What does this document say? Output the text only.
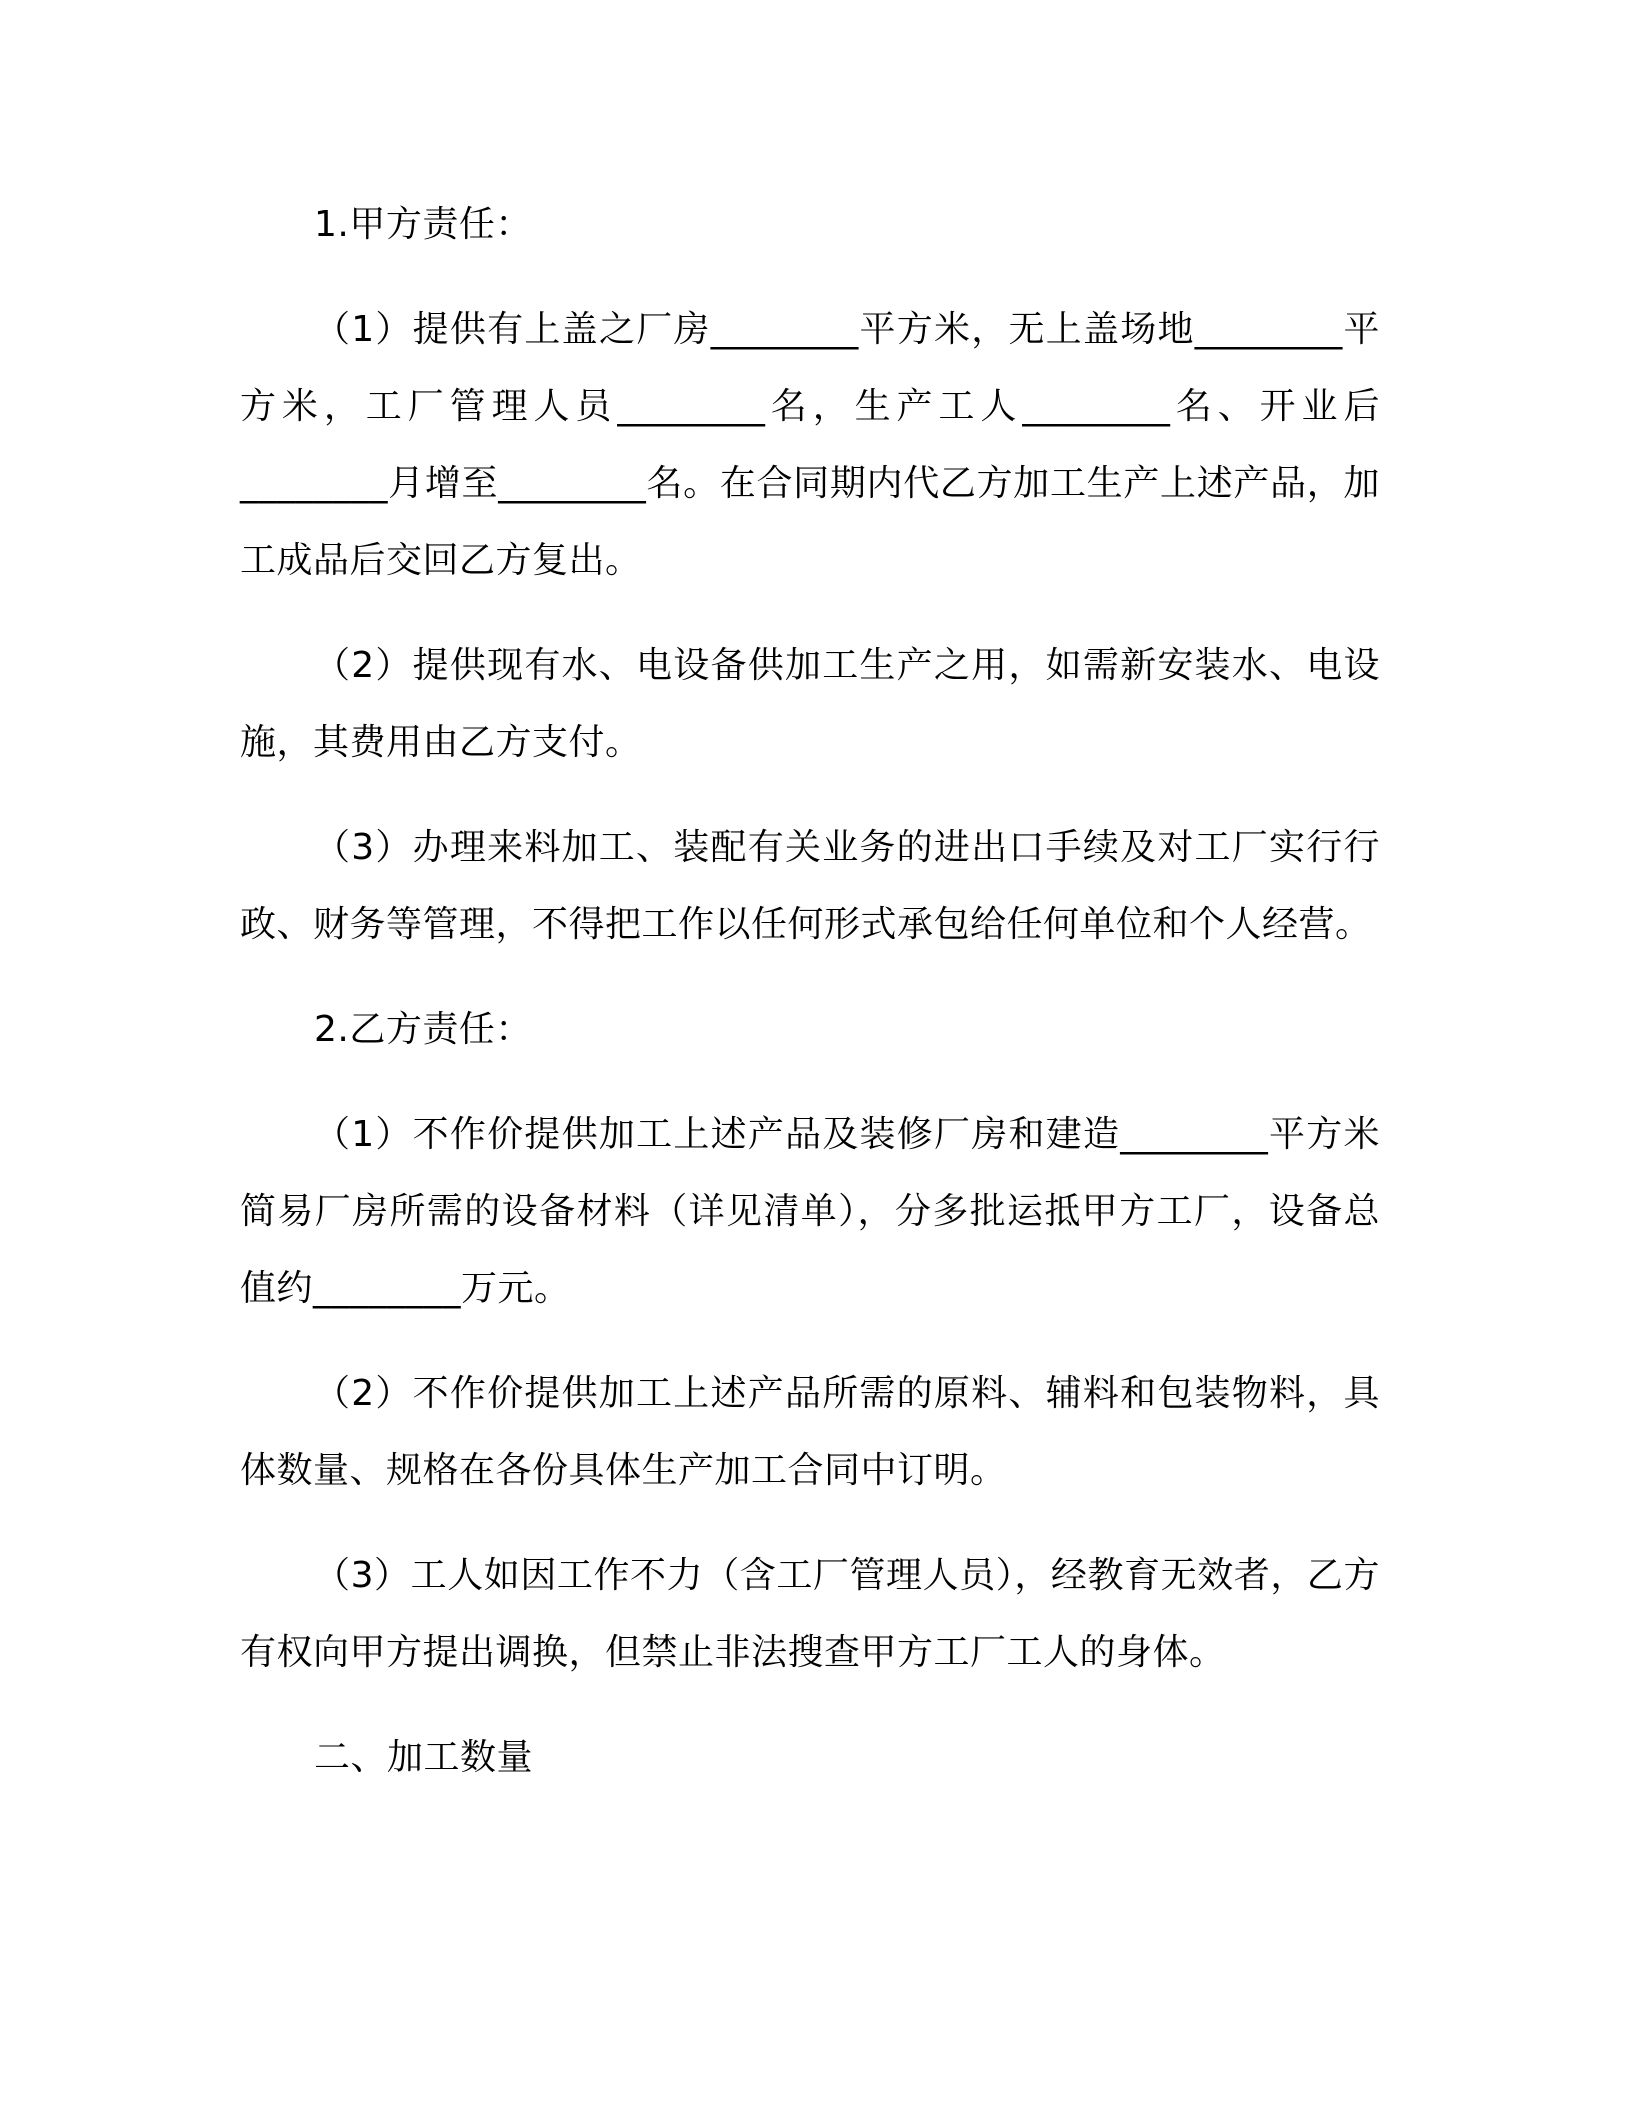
1.甲方责任：

（1）提供有上盖之厂房________平方米，无上盖场地________平方米，工厂管理人员________名，生产工人________名、开业后________月增至________名。在合同期内代乙方加工生产上述产品，加工成品后交回乙方复出。

（2）提供现有水、电设备供加工生产之用，如需新安装水、电设施，其费用由乙方支付。

（3）办理来料加工、装配有关业务的进出口手续及对工厂实行行政、财务等管理，不得把工作以任何形式承包给任何单位和个人经营。

2.乙方责任：

（1）不作价提供加工上述产品及装修厂房和建造________平方米简易厂房所需的设备材料（详见清单），分多批运抵甲方工厂，设备总值约________万元。

（2）不作价提供加工上述产品所需的原料、辅料和包装物料，具体数量、规格在各份具体生产加工合同中订明。

（3）工人如因工作不力（含工厂管理人员），经教育无效者，乙方有权向甲方提出调换，但禁止非法搜查甲方工厂工人的身体。

二、加工数量
